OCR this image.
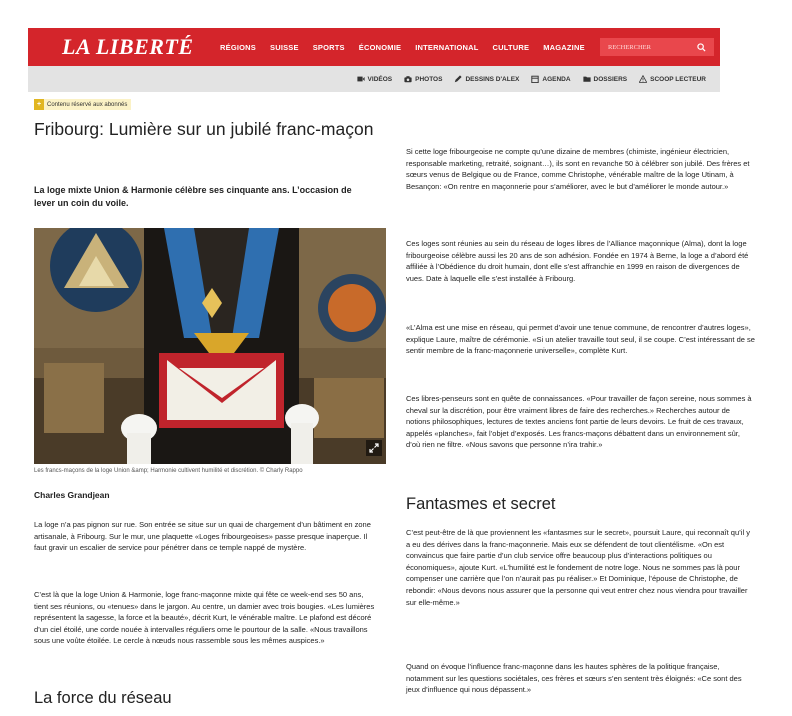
LA LIBERTÉ	RÉGIONS SUISSE SPORTS ÉCONOMIE INTERNATIONAL CULTURE MAGAZINE
RECHERCHER
VIDÉOS	PHOTOS	DESSINS D'ALEX	AGENDA	DOSSIERS	SCOOP LECTEUR
+ Contenu réservé aux abonnés
Fribourg: Lumière sur un jubilé franc-maçon

La loge mixte Union & Harmonie célèbre ses cinquante ans. L’occasion de lever un coin du voile.

Les francs-maçons de la loge Union &amp; Harmonie cultivent humilité et discrétion. © Charly Rappo
Charles Grandjean

La loge n’a pas pignon sur rue. Son entrée se situe sur un quai de chargement d’un bâtiment en zone artisanale, à Fribourg. Sur le mur, une plaquette «Loges fribourgeoises» passe presque inaperçue. Il faut gravir un escalier de service pour pénétrer dans ce temple nappé de mystère.

C’est là que la loge Union & Harmonie, loge franc-maçonne mixte qui fête ce week-end ses 50 ans, tient ses réunions, ou «tenues» dans le jargon. Au centre, un damier avec trois bougies. «Les lumières représentent la sagesse, la force et la beauté», décrit Kurt, le vénérable maître. Le plafond est décoré d’un ciel étoilé, une corde nouée à intervalles réguliers orne le pourtour de la salle. «Nous travaillons sous une voûte étoilée. Le cercle à nœuds nous rassemble sous les mêmes auspices.»

La force du réseau

Si cette loge fribourgeoise ne compte qu’une dizaine de membres (chimiste, ingénieur électricien, responsable marketing, retraité, soignant…), ils sont en revanche 50 à célébrer son jubilé. Des frères et sœurs venus de Belgique ou de France, comme Christophe, vénérable maître de la loge Utinam, à Besançon: «On rentre en maçonnerie pour s’améliorer, avec le but d’améliorer le monde autour.»

Ces loges sont réunies au sein du réseau de loges libres de l’Alliance maçonnique (Alma), dont la loge fribourgeoise célèbre aussi les 20 ans de son adhésion. Fondée en 1974 à Berne, la loge a d’abord été affiliée à l’Obédience du droit humain, dont elle s’est affranchie en 1999 en raison de divergences de vues. Date à laquelle elle s’est installée à Fribourg.

«L’Alma est une mise en réseau, qui permet d’avoir une tenue commune, de rencontrer d’autres loges», explique Laure, maître de cérémonie. «Si un atelier travaille tout seul, il se coupe. C’est intéressant de se sentir membre de la franc-maçonnerie universelle», complète Kurt.

Ces libres-penseurs sont en quête de connaissances. «Pour travailler de façon sereine, nous sommes à cheval sur la discrétion, pour être vraiment libres de faire des recherches.» Recherches autour de notions philosophiques, lectures de textes anciens font partie de leurs devoirs. Le fruit de ces travaux, appelés «planches», fait l’objet d’exposés. Les francs-maçons débattent dans un environnement sûr, d’où rien ne filtre. «Nous savons que personne n’ira trahir.»

Fantasmes et secret

C’est peut-être de là que proviennent les «fantasmes sur le secret», poursuit Laure, qui reconnaît qu’il y a eu des dérives dans la franc-maçonnerie. Mais eux se défendent de tout clientélisme. «On est convaincus que faire partie d’un club service offre beaucoup plus d’interactions politiques ou économiques», ajoute Kurt. «L’humilité est le fondement de notre loge. Nous ne sommes pas là pour compenser une carrière que l’on n’aurait pas pu réaliser.» Et Dominique, l’épouse de Christophe, de rebondir: «Nous devons nous assurer que la personne qui veut entrer chez nous viendra pour travailler sur elle-même.»

Quand on évoque l’influence franc-maçonne dans les hautes sphères de la politique française, notamment sur les questions sociétales, ces frères et sœurs s’en sentent très éloignés: «Ce sont des jeux d’influence qui nous dépassent.»
